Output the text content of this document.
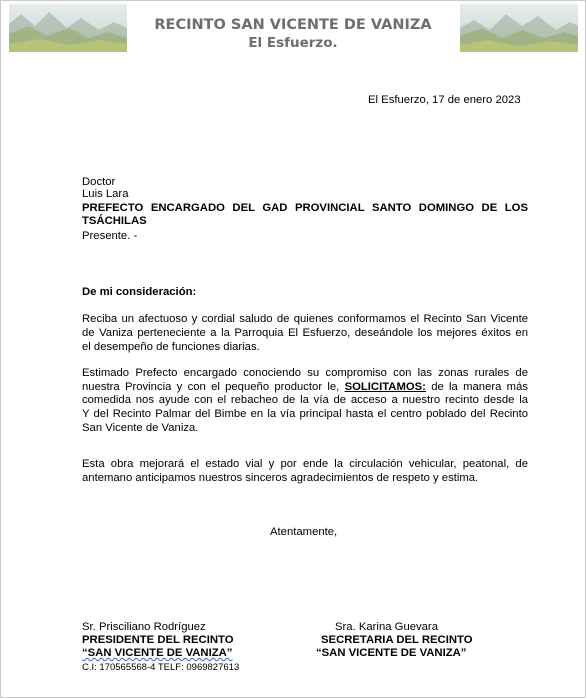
RECINTO SAN VICENTE DE VANIZA
El Esfuerzo.
El Esfuerzo, 17 de enero 2023
Doctor
Luis Lara
PREFECTO ENCARGADO DEL GAD PROVINCIAL SANTO DOMINGO DE LOS
TSÁCHILAS
Presente. -
De mi consideración:
Reciba un afectuoso y cordial saludo de quienes conformamos el Recinto San Vicente
de Vaniza perteneciente a la Parroquia El Esfuerzo, deseándole los mejores éxitos en
el desempeño de funciones diarias.
Estimado Prefecto encargado conociendo su compromiso con las zonas rurales de
nuestra Provincia y con el pequeño productor le, SOLICITAMOS: de la manera más
comedida nos ayude con el rebacheo de la vía de acceso a nuestro recinto desde la
Y del Recinto Palmar del Bimbe en la vía principal hasta el centro poblado del Recinto
San Vicente de Vaniza.
Esta obra mejorará el estado vial y por ende la circulación vehicular, peatonal, de
antemano anticipamos nuestros sinceros agradecimientos de respeto y estima.
Atentamente,
Sr. Prisciliano Rodríguez
PRESIDENTE DEL RECINTO
“SAN VICENTE DE VANIZA”
C.I: 170565568-4 TELF: 0969827613
Sra. Karina Guevara
SECRETARIA DEL RECINTO
“SAN VICENTE DE VANIZA”
